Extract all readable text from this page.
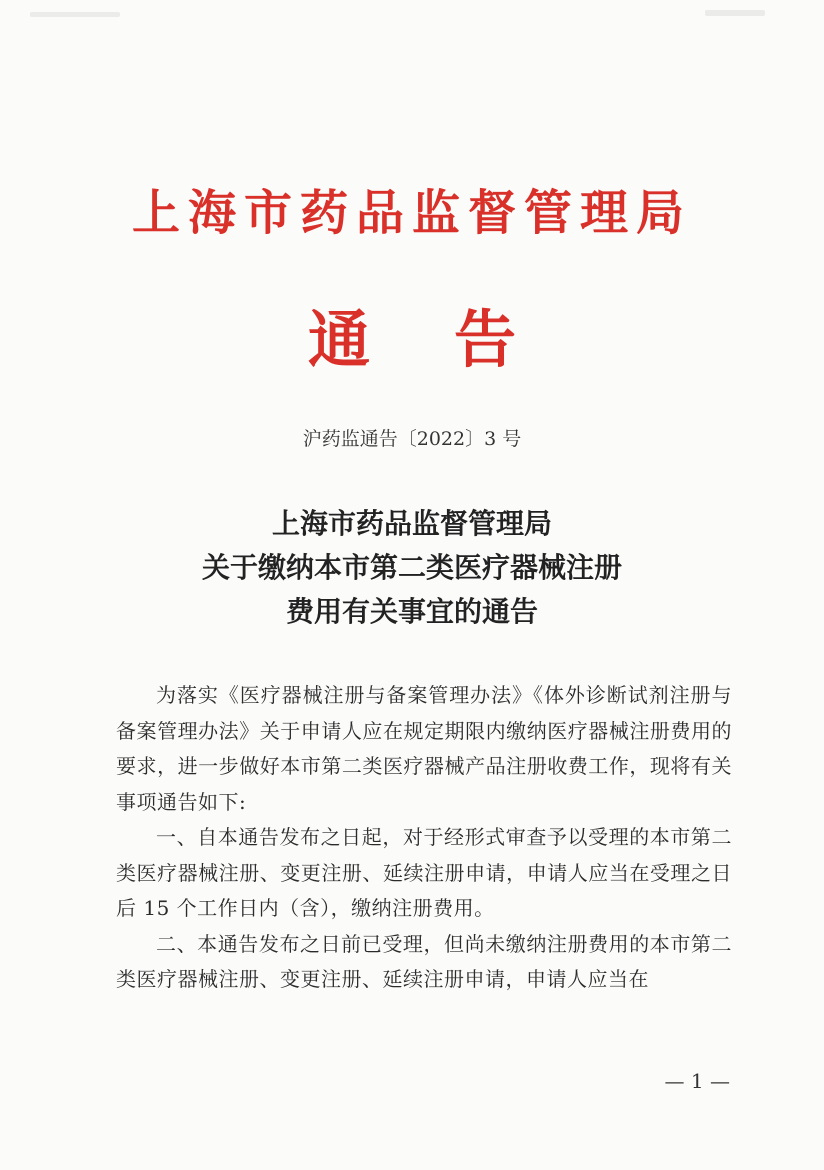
上海市药品监督管理局
通 告
沪药监通告〔2022〕3 号
上海市药品监督管理局
关于缴纳本市第二类医疗器械注册
费用有关事宜的通告

为落实《医疗器械注册与备案管理办法》《体外诊断试剂注册与备案管理办法》关于申请人应在规定期限内缴纳医疗器械注册费用的要求，进一步做好本市第二类医疗器械产品注册收费工作，现将有关事项通告如下:

一、自本通告发布之日起，对于经形式审查予以受理的本市第二类医疗器械注册、变更注册、延续注册申请，申请人应当在受理之日后 15 个工作日内（含），缴纳注册费用。

二、本通告发布之日前已受理，但尚未缴纳注册费用的本市第二类医疗器械注册、变更注册、延续注册申请，申请人应当在

— 1 —
